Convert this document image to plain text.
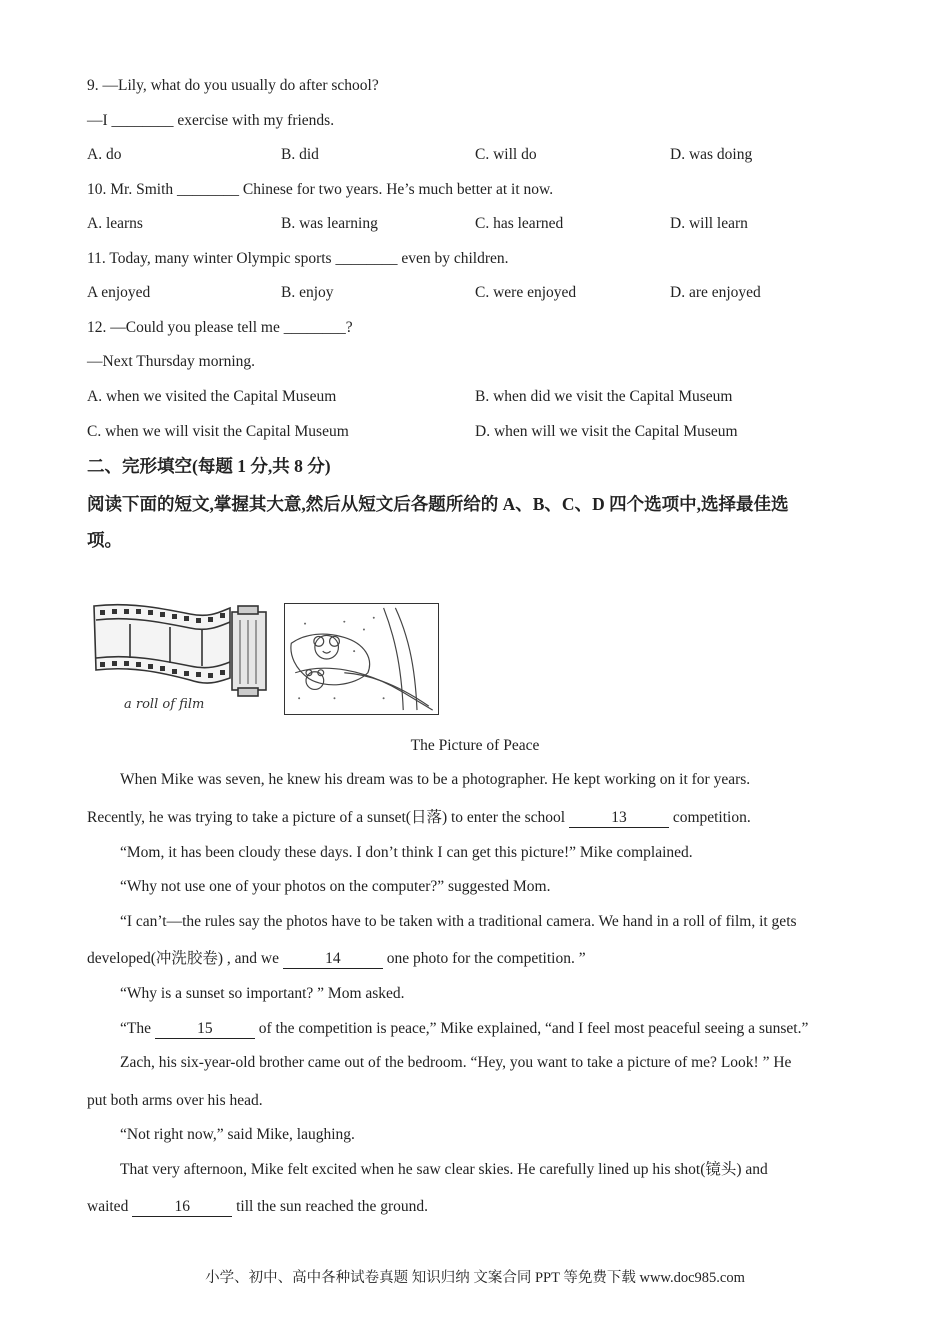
9. —Lily, what do you usually do after school?
—I ________ exercise with my friends.
A. do	B. did	C. will do	D. was doing
10. Mr. Smith ________ Chinese for two years. He’s much better at it now.
A. learns	B. was learning	C. has learned	D. will learn
11. Today, many winter Olympic sports ________ even by children.
A enjoyed	B. enjoy	C. were enjoyed	D. are enjoyed
12. —Could you please tell me ________?
—Next Thursday morning.
A. when we visited the Capital Museum	B. when did we visit the Capital Museum
C. when we will visit the Capital Museum	D. when will we visit the Capital Museum
二、完形填空(每题 1 分,共 8 分)
阅读下面的短文,掌握其大意,然后从短文后各题所给的 A、B、C、D 四个选项中,选择最佳选
项。
a roll of film
The Picture of Peace
When Mike was seven, he knew his dream was to be a photographer. He kept working on it for years.
Recently, he was trying to take a picture of a sunset(日落) to enter the school	13	competition.
“Mom, it has been cloudy these days. I don’t think I can get this picture!” Mike complained.
“Why not use one of your photos on the computer?” suggested Mom.
“I can’t—the rules say the photos have to be taken with a traditional camera. We hand in a roll of film, it gets
developed(冲洗胶卷) , and we	14	one photo for the competition. ”
“Why is a sunset so important? ” Mom asked.
“The	15	of the competition is peace,” Mike explained, “and I feel most peaceful seeing a sunset.”
Zach, his six-year-old brother came out of the bedroom. “Hey, you want to take a picture of me? Look! ” He
put both arms over his head.
“Not right now,” said Mike, laughing.
That very afternoon, Mike felt excited when he saw clear skies. He carefully lined up his shot(镜头) and
waited	16	till the sun reached the ground.
小学、初中、高中各种试卷真题 知识归纳 文案合同 PPT 等免费下载 www.doc985.com
